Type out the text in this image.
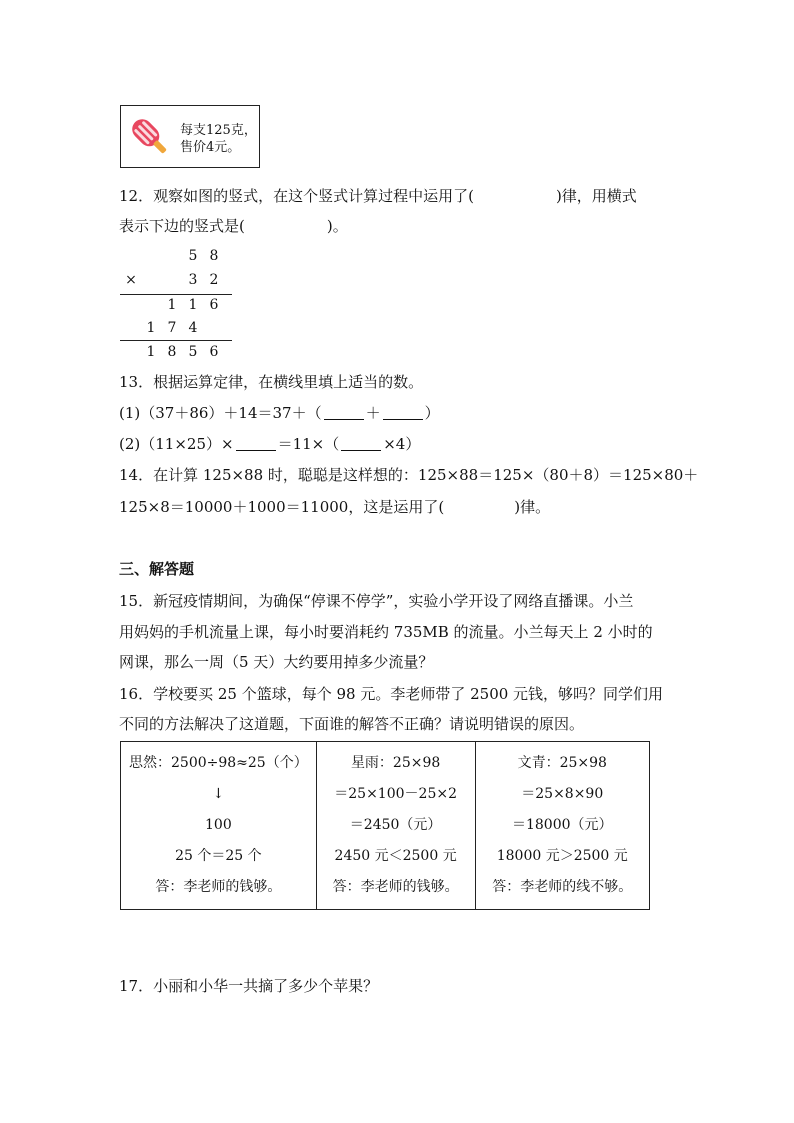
每支125克，
售价4元。
12．观察如图的竖式，在这个竖式计算过程中运用了(	)律，用横式
表示下边的竖式是(	)。
5 8
×	3 2
1 1 6
1 7 4
1 8 5 6
13．根据运算定律，在横线里填上适当的数。
(1)（37＋86）＋14＝37＋（	＋	）
(2)（11×25）×	＝11×（	×4）
14．在计算 125×88 时，聪聪是这样想的：125×88＝125×（80＋8）＝125×80＋
125×8＝10000＋1000＝11000，这是运用了(	)律。
三、解答题
15．新冠疫情期间，为确保“停课不停学”，实验小学开设了网络直播课。小兰
用妈妈的手机流量上课，每小时要消耗约 735MB 的流量。小兰每天上 2 小时的
网课，那么一周（5 天）大约要用掉多少流量？
16．学校要买 25 个篮球，每个 98 元。李老师带了 2500 元钱，够吗？同学们用
不同的方法解决了这道题，下面谁的解答不正确？请说明错误的原因。
思然：2500÷98≈25（个）
↓
100
25 个＝25 个
答：李老师的钱够。

星雨：25×98
＝25×100－25×2
＝2450（元）
2450 元＜2500 元
答：李老师的钱够。

文青：25×98
＝25×8×90
＝18000（元）
18000 元＞2500 元
答：李老师的线不够。
17．小丽和小华一共摘了多少个苹果？
